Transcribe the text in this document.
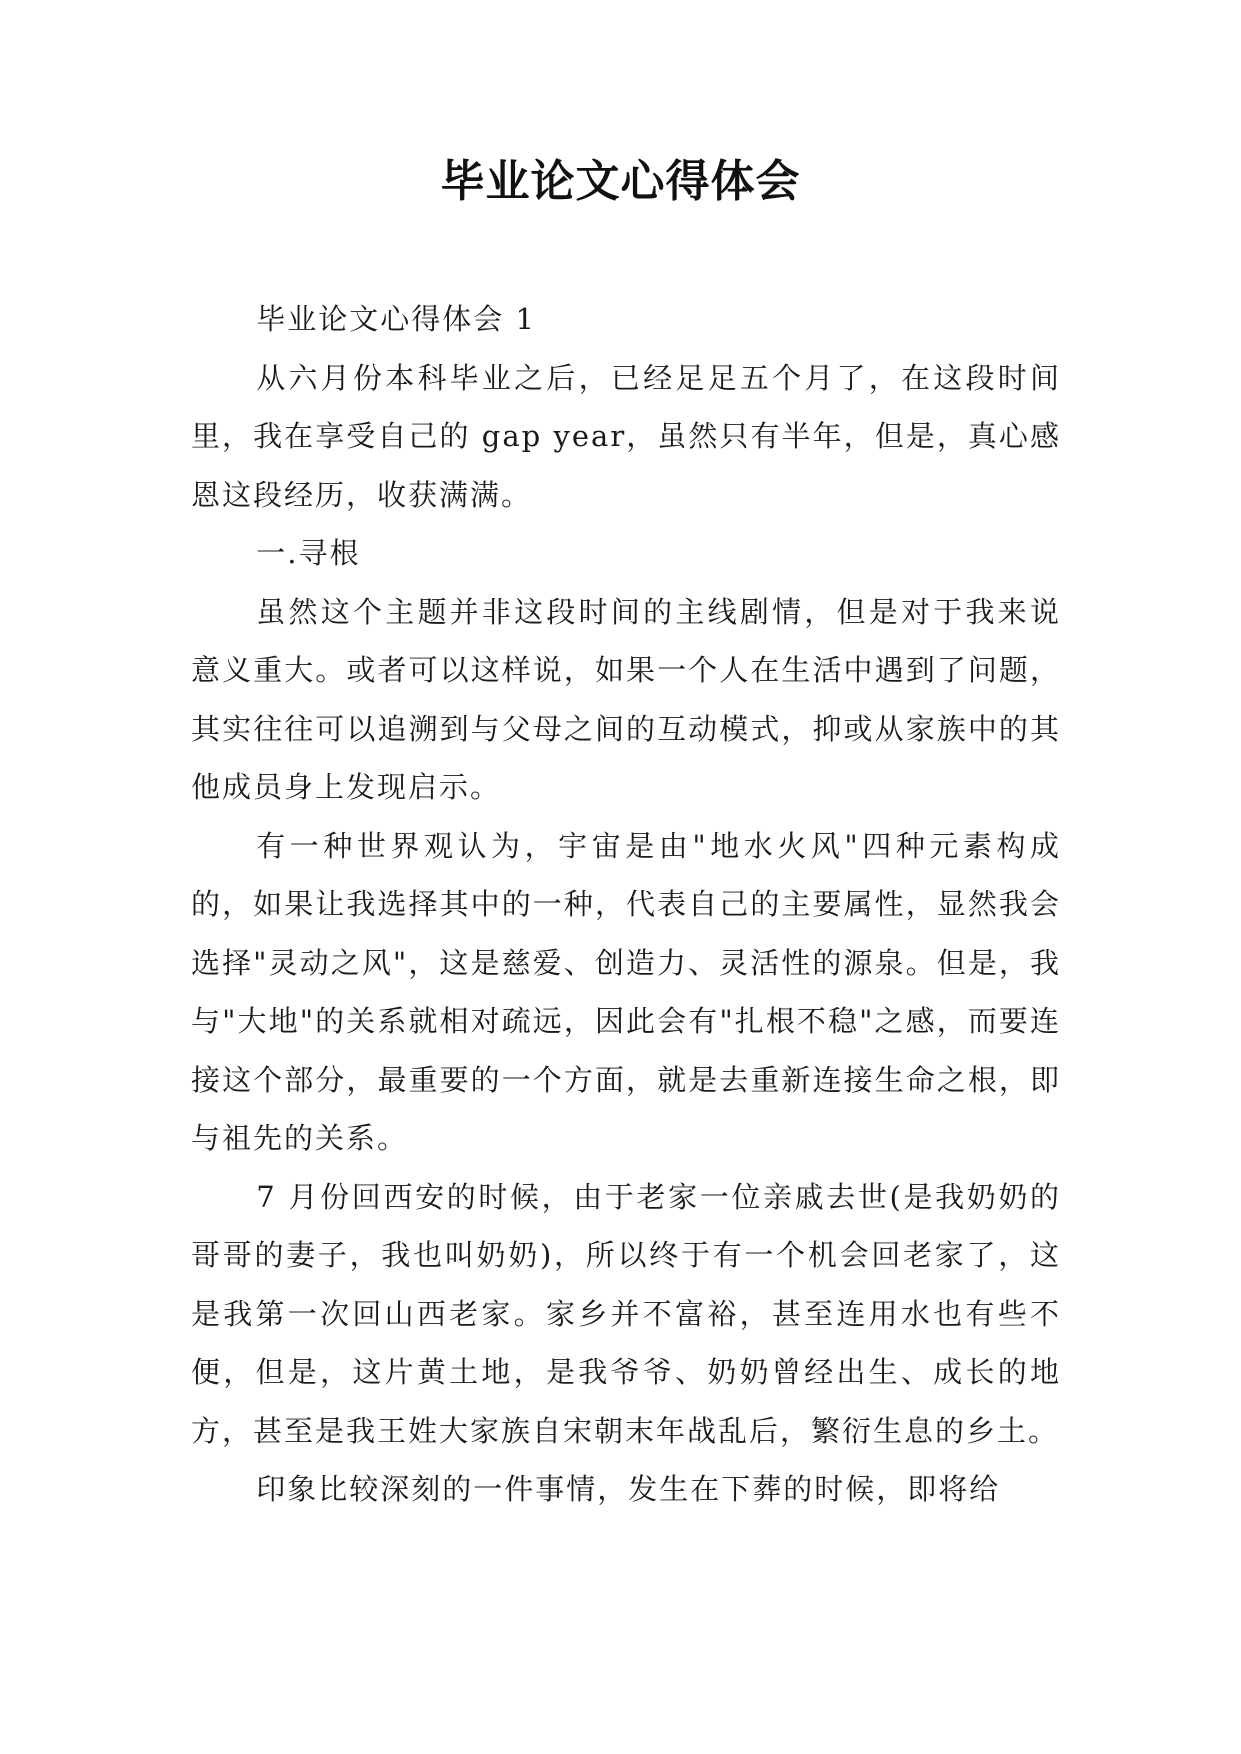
毕业论文心得体会

毕业论文心得体会 1

从六月份本科毕业之后，已经足足五个月了，在这段时间里，我在享受自己的 gap year，虽然只有半年，但是，真心感恩这段经历，收获满满。

一.寻根

虽然这个主题并非这段时间的主线剧情，但是对于我来说意义重大。或者可以这样说，如果一个人在生活中遇到了问题，其实往往可以追溯到与父母之间的互动模式，抑或从家族中的其他成员身上发现启示。

有一种世界观认为，宇宙是由"地水火风"四种元素构成的，如果让我选择其中的一种，代表自己的主要属性，显然我会选择"灵动之风"，这是慈爱、创造力、灵活性的源泉。但是，我与"大地"的关系就相对疏远，因此会有"扎根不稳"之感，而要连接这个部分，最重要的一个方面，就是去重新连接生命之根，即与祖先的关系。

7 月份回西安的时候，由于老家一位亲戚去世(是我奶奶的哥哥的妻子，我也叫奶奶)，所以终于有一个机会回老家了，这是我第一次回山西老家。家乡并不富裕，甚至连用水也有些不便，但是，这片黄土地，是我爷爷、奶奶曾经出生、成长的地方，甚至是我王姓大家族自宋朝末年战乱后，繁衍生息的乡土。

印象比较深刻的一件事情，发生在下葬的时候，即将给
